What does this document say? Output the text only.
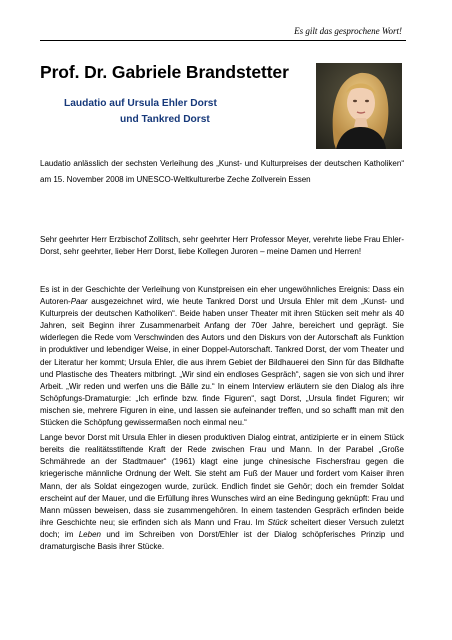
Es gilt das gesprochene Wort!
Prof. Dr. Gabriele Brandstetter
Laudatio auf Ursula Ehler Dorst
und Tankred Dorst
Laudatio anlässlich der sechsten Verleihung des „Kunst- und Kulturpreises der deutschen Katholiken“ am 15. November 2008 im UNESCO-Weltkulturerbe Zeche Zollverein Essen
Sehr geehrter Herr Erzbischof Zollitsch, sehr geehrter Herr Professor Meyer, verehrte liebe Frau Ehler-Dorst, sehr geehrter, lieber Herr Dorst, liebe Kollegen Juroren – meine Damen und Herren!

Es ist in der Geschichte der Verleihung von Kunstpreisen ein eher ungewöhnliches Ereignis: Dass ein Autoren-Paar ausgezeichnet wird, wie heute Tankred Dorst und Ursula Ehler mit dem „Kunst- und Kulturpreis der deutschen Katholiken“. Beide haben unser Theater mit ihren Stücken seit mehr als 40 Jahren, seit Beginn ihrer Zusammenarbeit Anfang der 70er Jahre, bereichert und geprägt. Sie widerlegen die Rede vom Verschwinden des Autors und den Diskurs von der Autorschaft als Funktion in produktiver und lebendiger Weise, in einer Doppel-Autorschaft. Tankred Dorst, der vom Theater und der Literatur her kommt; Ursula Ehler, die aus ihrem Gebiet der Bildhauerei den Sinn für das Bildhafte und Plastische des Theaters mitbringt. „Wir sind ein endloses Gespräch“, sagen sie von sich und ihrer Arbeit. „Wir reden und werfen uns die Bälle zu.“ In einem Interview erläutern sie den Dialog als ihre Schöpfungs-Dramaturgie: „Ich erfinde bzw. finde Figuren“, sagt Dorst, „Ursula findet Figuren; wir mischen sie, mehrere Figuren in eine, und lassen sie aufeinander treffen, und so schafft man mit den Stücken die Schöpfung gewissermaßen noch einmal neu.“

Lange bevor Dorst mit Ursula Ehler in diesen produktiven Dialog eintrat, antizipierte er in einem Stück bereits die realitätsstiftende Kraft der Rede zwischen Frau und Mann. In der Parabel „Große Schmährede an der Stadtmauer“ (1961) klagt eine junge chinesische Fischersfrau gegen die kriegerische männliche Ordnung der Welt. Sie steht am Fuß der Mauer und fordert vom Kaiser ihren Mann, der als Soldat eingezogen wurde, zurück. Endlich findet sie Gehör; doch ein fremder Soldat erscheint auf der Mauer, und die Erfüllung ihres Wunsches wird an eine Bedingung geknüpft: Frau und Mann müssen beweisen, dass sie zusammengehören. In einem tastenden Gespräch erfinden beide ihre Geschichte neu; sie erfinden sich als Mann und Frau. Im Stück scheitert dieser Versuch zuletzt doch; im Leben und im Schreiben von Dorst/Ehler ist der Dialog schöpferisches Prinzip und dramaturgische Basis ihrer Stücke.
